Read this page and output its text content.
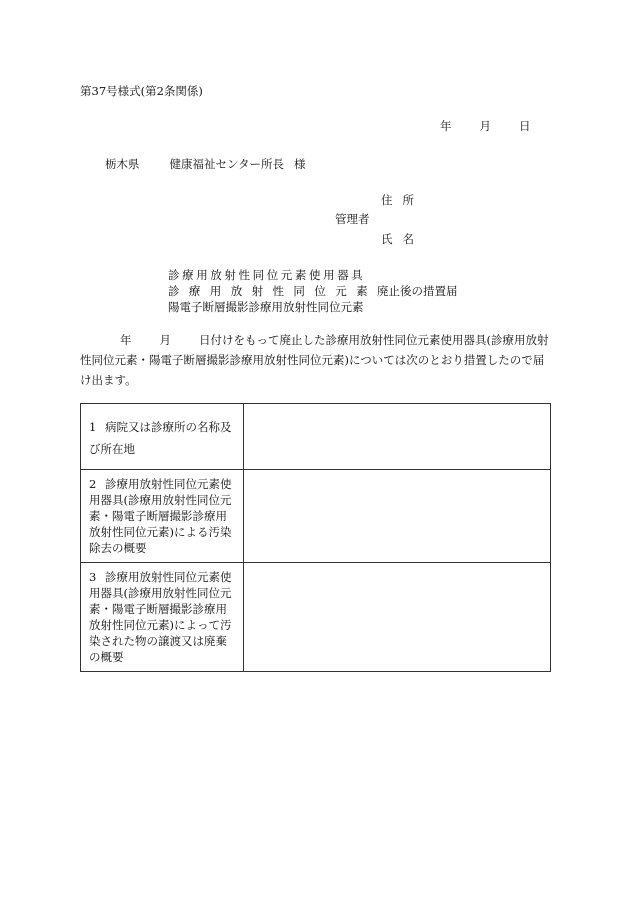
第37号様式(第2条関係)
年 月 日
栃木県	健康福祉センター所長 様
住所
管理者
氏名
診療用放射性同位元素使用器具
診療用放射性同位元素廃止後の措置届
陽電子断層撮影診療用放射性同位元素
年 月 日付けをもって廃止した診療用放射性同位元素使用器具(診療用放射性同位元素・陽電子断層撮影診療用放射性同位元素)については次のとおり措置したので届け出ます。
1 病院又は診療所の名称及び所在地	

2 診療用放射性同位元素使用器具(診療用放射性同位元素・陽電子断層撮影診療用放射性同位元素)による汚染除去の概要	

3 診療用放射性同位元素使用器具(診療用放射性同位元素・陽電子断層撮影診療用放射性同位元素)によって汚染された物の譲渡又は廃棄の概要	
